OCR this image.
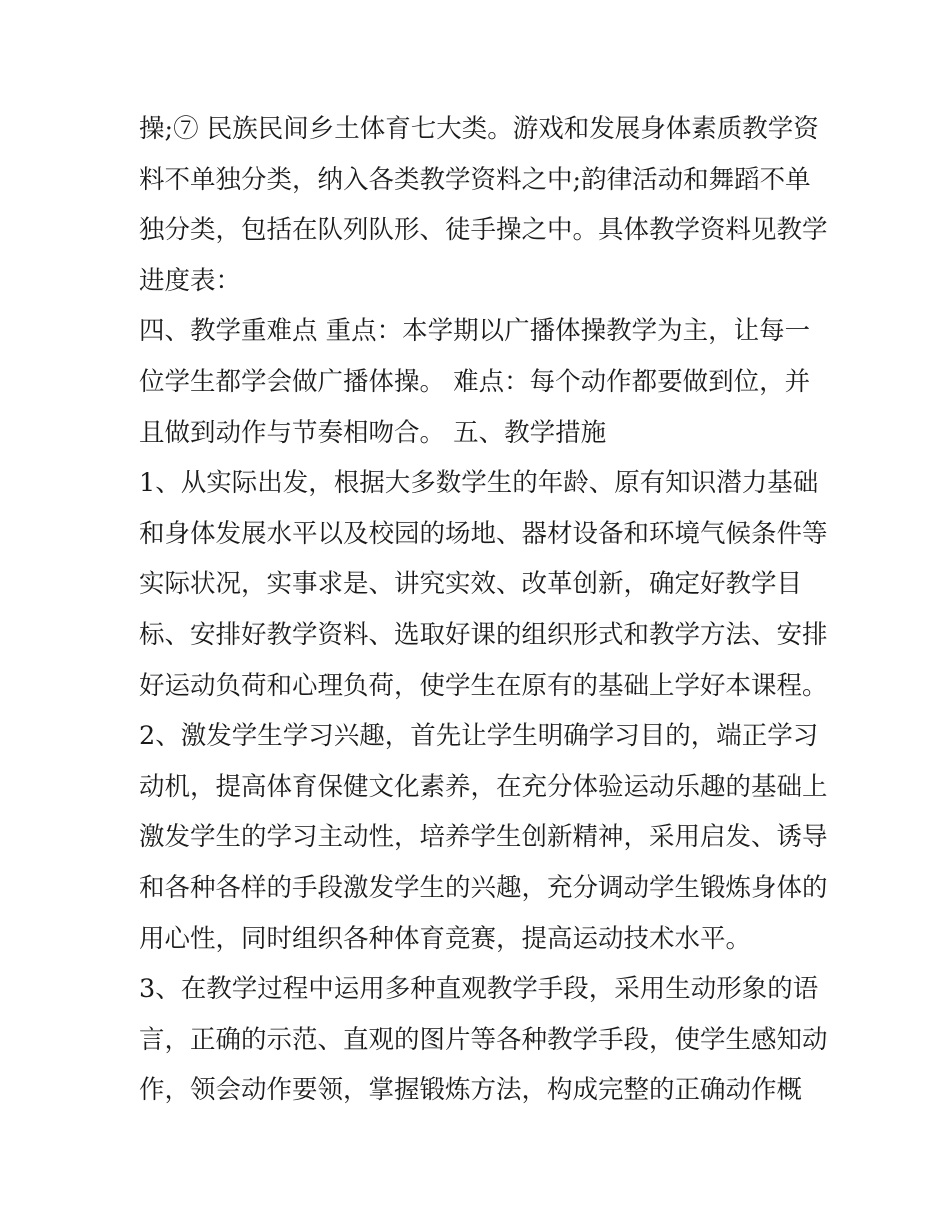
操;⑦ 民族民间乡土体育七大类。游戏和发展身体素质教学资
料不单独分类，纳入各类教学资料之中;韵律活动和舞蹈不单
独分类，包括在队列队形、徒手操之中。具体教学资料见教学
进度表：
四、教学重难点 重点：本学期以广播体操教学为主，让每一
位学生都学会做广播体操。 难点：每个动作都要做到位，并
且做到动作与节奏相吻合。 五、教学措施
1、从实际出发，根据大多数学生的年龄、原有知识潜力基础
和身体发展水平以及校园的场地、器材设备和环境气候条件等
实际状况，实事求是、讲究实效、改革创新，确定好教学目
标、安排好教学资料、选取好课的组织形式和教学方法、安排
好运动负荷和心理负荷，使学生在原有的基础上学好本课程。
2、激发学生学习兴趣，首先让学生明确学习目的，端正学习
动机，提高体育保健文化素养，在充分体验运动乐趣的基础上
激发学生的学习主动性，培养学生创新精神，采用启发、诱导
和各种各样的手段激发学生的兴趣，充分调动学生锻炼身体的
用心性，同时组织各种体育竞赛，提高运动技术水平。
3、在教学过程中运用多种直观教学手段，采用生动形象的语
言，正确的示范、直观的图片等各种教学手段，使学生感知动
作，领会动作要领，掌握锻炼方法，构成完整的正确动作概
